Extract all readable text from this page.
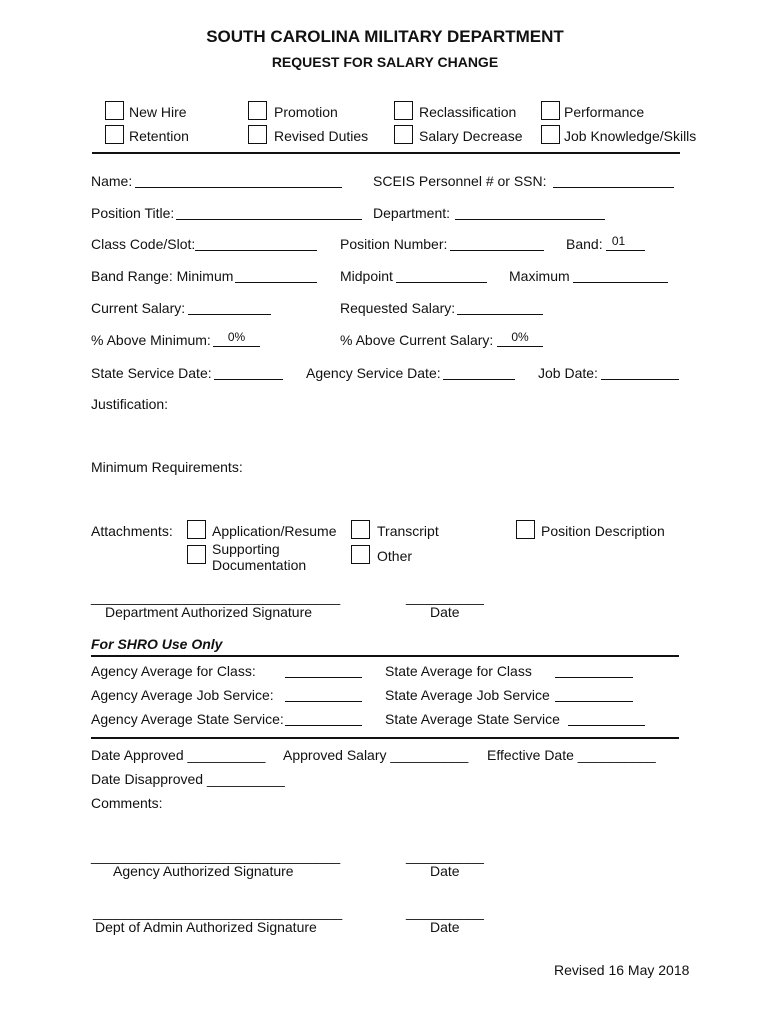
SOUTH CAROLINA MILITARY DEPARTMENT
REQUEST FOR SALARY CHANGE
New Hire
Retention
Promotion
Revised Duties
Reclassification
Salary Decrease
Performance
Job Knowledge/Skills
Name:	SCEIS Personnel # or SSN:
Position Title:	Department:
Class Code/Slot:	Position Number:	Band: 01
Band Range: Minimum	Midpoint	Maximum
Current Salary:	Requested Salary:
% Above Minimum:	0%	% Above Current Salary:	0%
State Service Date:	Agency Service Date:	Job Date:
Justification:
Minimum Requirements:
Attachments:	Application/Resume
Supporting
Documentation
Transcript
Other
Position Description
________________________________
Department Authorized Signature
__________
Date
For SHRO Use Only
Agency Average for Class:	State Average for Class
Agency Average Job Service:	State Average Job Service
Agency Average State Service:	State Average State Service
Date Approved __________ Approved Salary __________ Effective Date __________
Date Disapproved __________
Comments:
________________________________
Agency Authorized Signature
__________
Date
________________________________
Dept of Admin Authorized Signature
__________
Date
Revised 16 May 2018
